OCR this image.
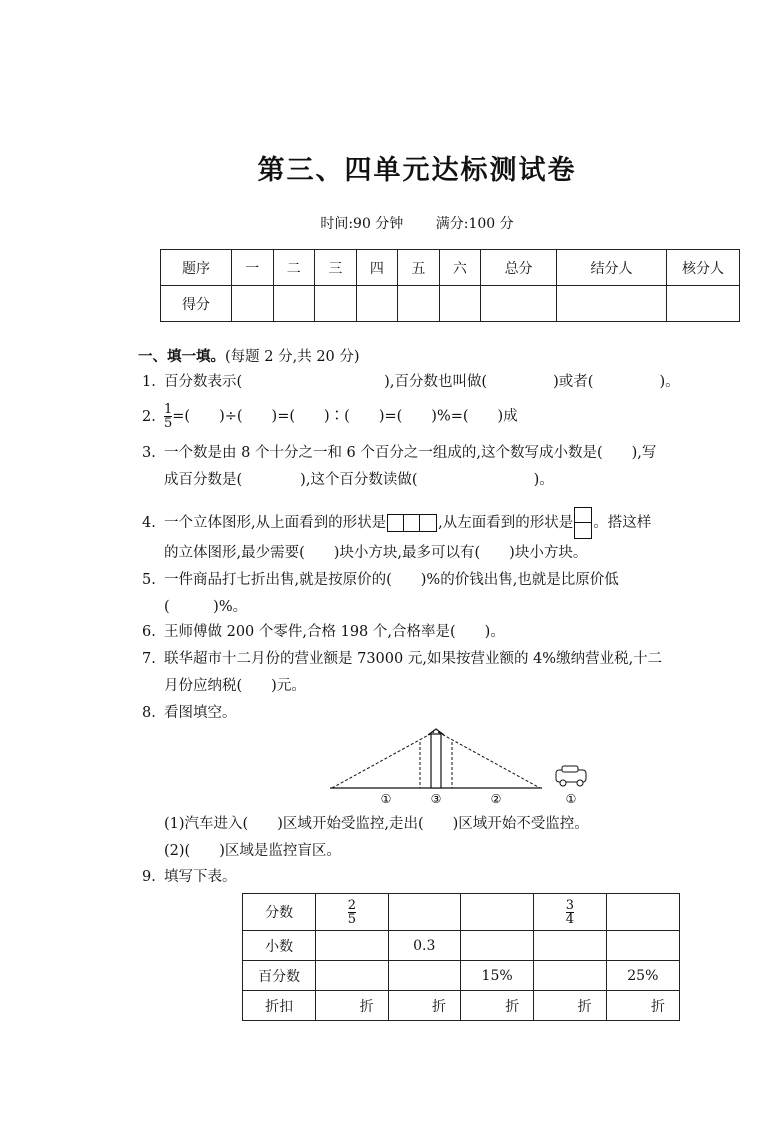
第三、四单元达标测试卷
时间:90 分钟 满分:100 分
题序	一	二	三	四	五	六	总分	结分人	核分人
得分									
一、填一填。(每题 2 分,共 20 分)
1. 百分数表示(	),百分数也叫做(	)或者(	)。
2. $\frac{1}{5}$ =(　　)÷(　　)=(　　)∶(　　)=(　　)%=(　　)成
3. 一个数是由 8 个十分之一和 6 个百分之一组成的,这个数写成小数是(　　),写
成百分数是(　　　　),这个百分数读做(　　　　　　　　)。
4. 一个立体图形,从上面看到的形状是	,从左面看到的形状是 。搭这样
的立体图形,最少需要(　　)块小方块,最多可以有(　　)块小方块。
5. 一件商品打七折出售,就是按原价的(　　)%的价钱出售,也就是比原价低
(　　　)%。
6. 王师傅做 200 个零件,合格 198 个,合格率是(　　)。
7. 联华超市十二月份的营业额是 73000 元,如果按营业额的 4%缴纳营业税,十二
月份应纳税(　　)元。
8. 看图填空。
①	③	②	①
(1)汽车进入(　　)区域开始受监控,走出(　　)区域开始不受监控。
(2)(　　)区域是监控盲区。
9. 填写下表。
分数	$\frac{2}{5}$			$\frac{3}{4}$

小数		0.3			
百分数			15%		25%
折扣	折	折	折	折	折
